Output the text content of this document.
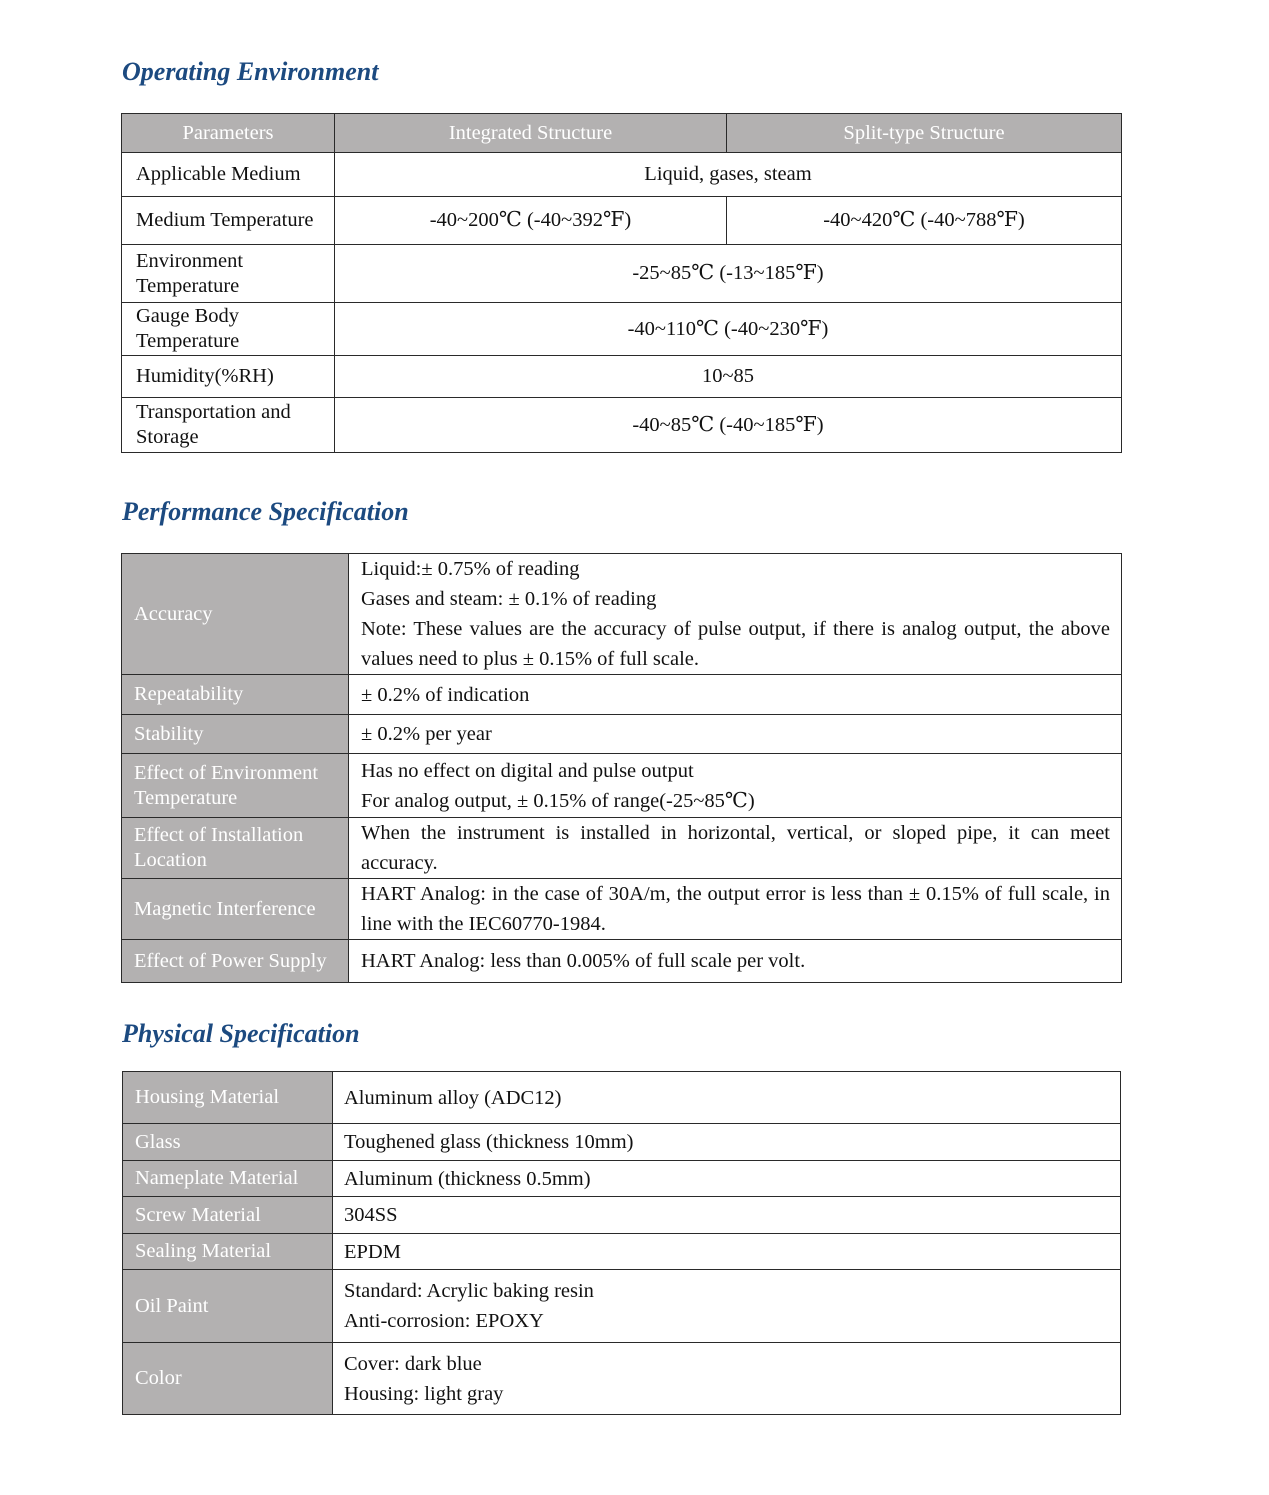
Operating Environment
Parameters	Integrated Structure	Split-type Structure
Applicable Medium	Liquid, gases, steam	
Medium Temperature	-40~200℃ (-40~392℉)	-40~420℃ (-40~788℉)
Environment Temperature	-25~85℃ (-13~185℉)	
Gauge Body Temperature	-40~110℃ (-40~230℉)	
Humidity(%RH)	10~85	
Transportation and Storage	-40~85℃ (-40~185℉)	
Performance Specification
Accuracy	Liquid:± 0.75% of reading
Gases and steam: ± 0.1% of reading
Note: These values are the accuracy of pulse output, if there is analog output, the above values need to plus ± 0.15% of full scale.

Repeatability	± 0.2% of indication

Stability	± 0.2% per year

Effect of Environment Temperature	Has no effect on digital and pulse output
For analog output, ± 0.15% of range(-25~85℃)

Effect of Installation Location	When the instrument is installed in horizontal, vertical, or sloped pipe, it can meet accuracy.

Magnetic Interference	HART Analog: in the case of 30A/m, the output error is less than ± 0.15% of full scale, in line with the IEC60770-1984.

Effect of Power Supply	HART Analog: less than 0.005% of full scale per volt.
Physical Specification
Housing Material	Aluminum alloy (ADC12)

Glass	Toughened glass (thickness 10mm)

Nameplate Material	Aluminum (thickness 0.5mm)

Screw Material	304SS

Sealing Material	EPDM

Oil Paint	Standard: Acrylic baking resin
Anti-corrosion: EPOXY

Color	Cover: dark blue
Housing: light gray
